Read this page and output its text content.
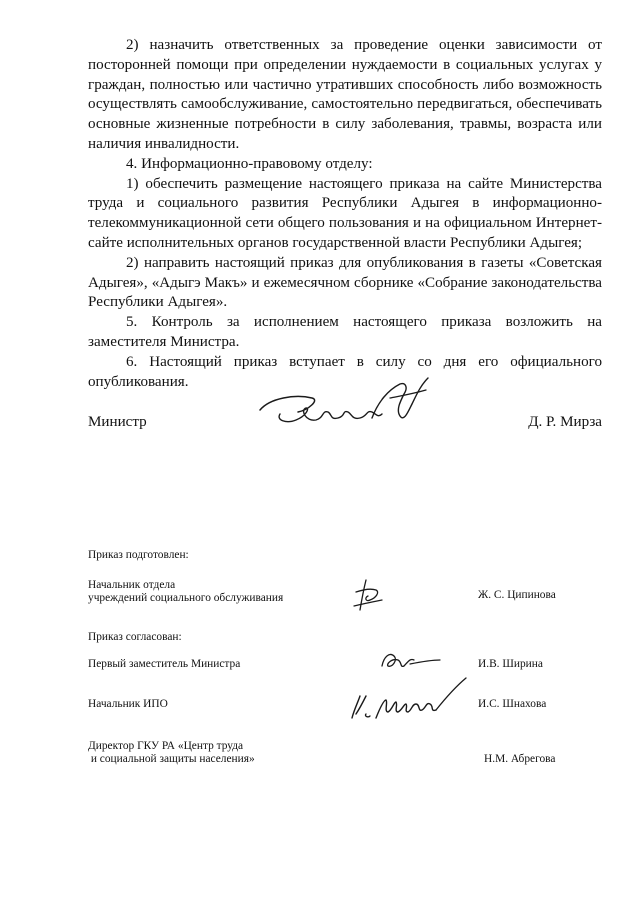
2) назначить ответственных за проведение оценки зависимости от посторонней помощи при определении нуждаемости в социальных услугах у граждан, полностью или частично утративших способность либо возможность осуществлять самообслуживание, самостоятельно передвигаться, обеспечивать основные жизненные потребности в силу заболевания, травмы, возраста или наличия инвалидности.

4. Информационно-правовому отделу:

1) обеспечить размещение настоящего приказа на сайте Министерства труда и социального развития Республики Адыгея в информационно-телекоммуникационной сети общего пользования и на официальном Интернет-сайте исполнительных органов государственной власти Республики Адыгея;

2) направить настоящий приказ для опубликования в газеты «Советская Адыгея», «Адыгэ Макъ» и ежемесячном сборнике «Собрание законодательства Республики Адыгея».

5. Контроль за исполнением настоящего приказа возложить на заместителя Министра.

6. Настоящий приказ вступает в силу со дня его официального опубликования.

Министр	Д. Р. Мирза
Приказ подготовлен:
Начальник отдела
учреждений социального обслуживания	Ж. С. Ципинова
Приказ согласован:
Первый заместитель Министра	И.В. Ширина
Начальник ИПО	И.С. Шнахова
Директор ГКУ РА «Центр труда
и социальной защиты населения»	Н.М. Абрегова
